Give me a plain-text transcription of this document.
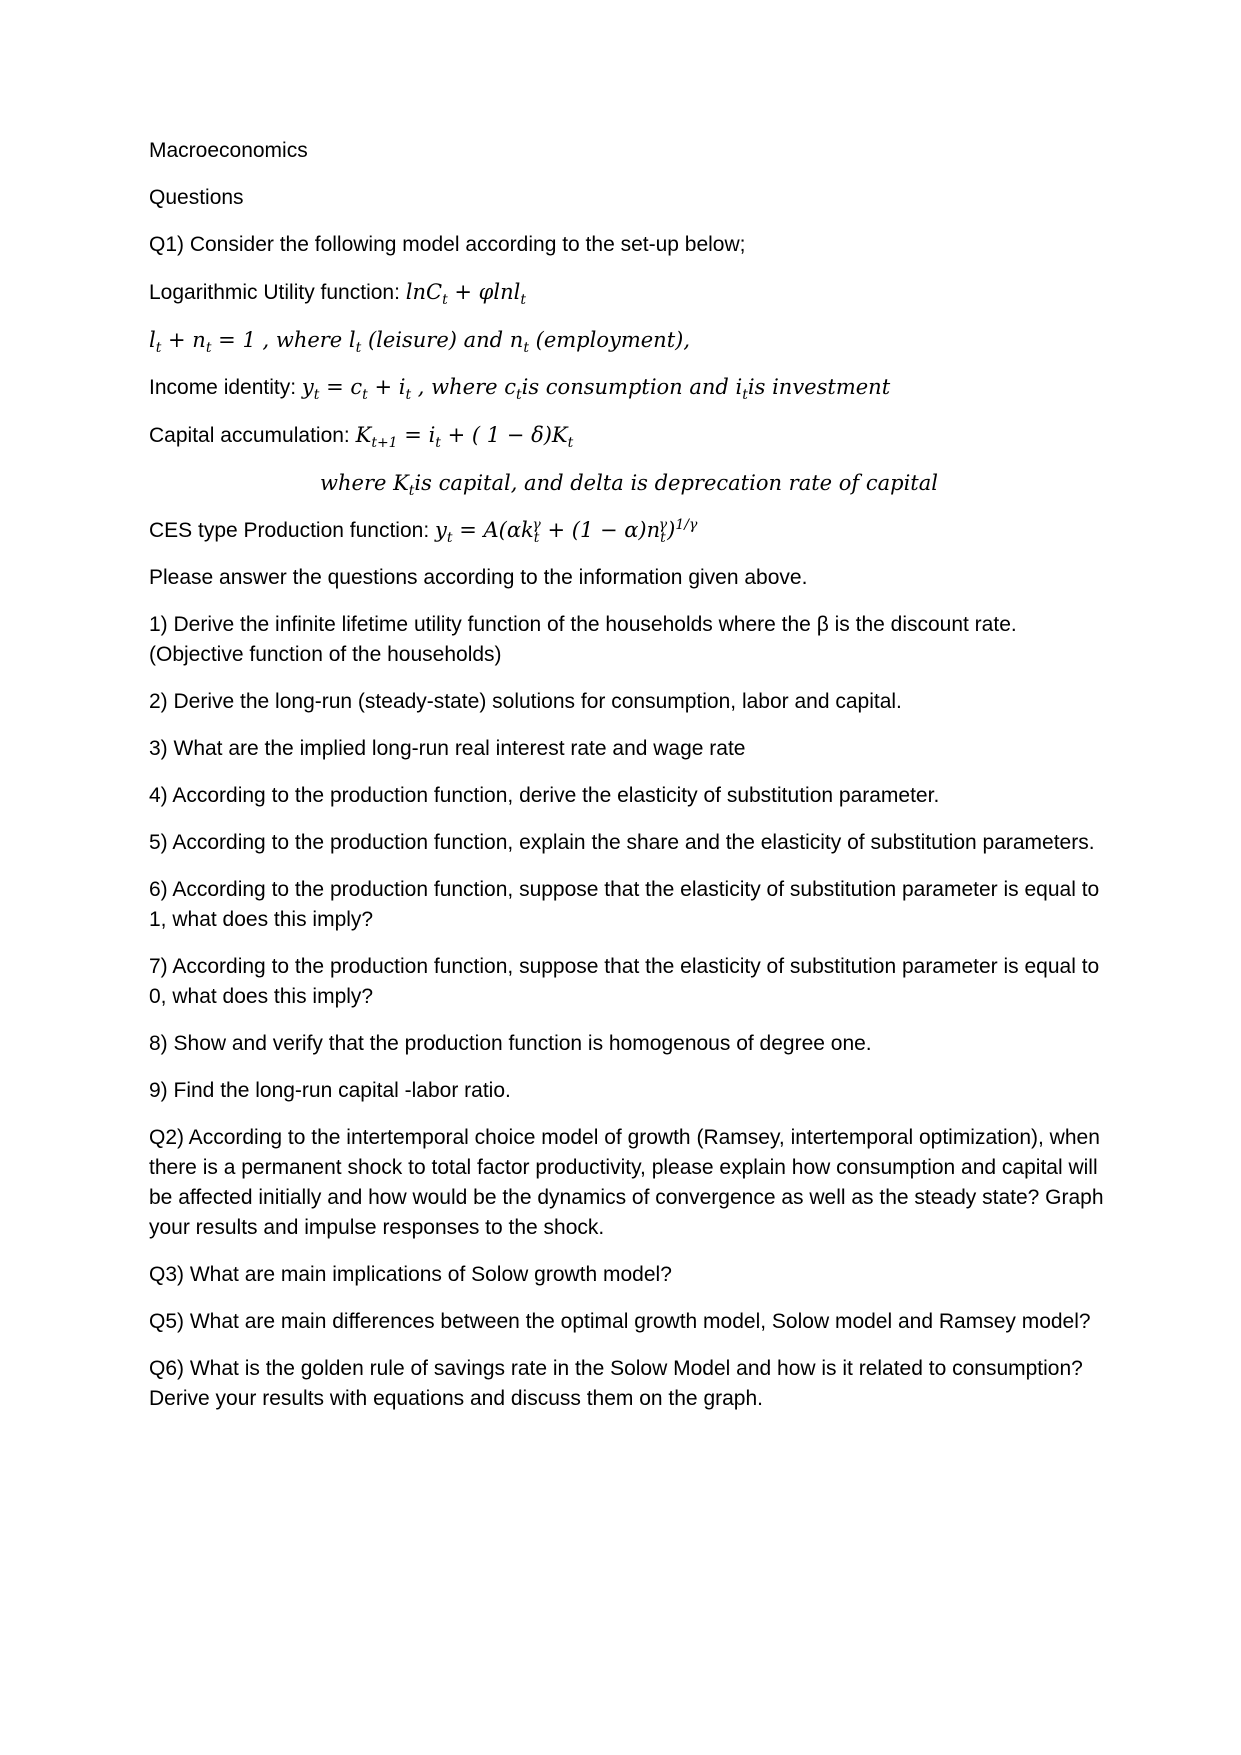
Macroeconomics

Questions

Q1) Consider the following model according to the set-up below;

Logarithmic Utility function: lnC$_t$ + φlnl$_t$

$l_t + n_t = 1$ , where $l_t$ (leisure) and $n_t$ (employment),

Income identity: $y_t = c_t + i_t$ , where $c_tis$ consumption and $i_tis$ investment

Capital accumulation: $K_{t+1} = i_t$ + ( $1 - \delta)K_t$

where $K_tis$ capital, and delta is deprecation rate of capital

CES type Production function: $y_t = A(\alpha k_t^\gamma + (1 - \alpha)n_t^\gamma)^{1/\gamma}$

Please answer the questions according to the information given above.

1) Derive the infinite lifetime utility function of the households where the β is the discount rate. (Objective function of the households)

2) Derive the long-run (steady-state) solutions for consumption, labor and capital.

3) What are the implied long-run real interest rate and wage rate

4) According to the production function, derive the elasticity of substitution parameter.

5) According to the production function, explain the share and the elasticity of substitution parameters.

6) According to the production function, suppose that the elasticity of substitution parameter is equal to 1, what does this imply?

7) According to the production function, suppose that the elasticity of substitution parameter is equal to 0, what does this imply?

8) Show and verify that the production function is homogenous of degree one.

9) Find the long-run capital -labor ratio.

Q2) According to the intertemporal choice model of growth (Ramsey, intertemporal optimization), when there is a permanent shock to total factor productivity, please explain how consumption and capital will be affected initially and how would be the dynamics of convergence as well as the steady state? Graph your results and impulse responses to the shock.

Q3) What are main implications of Solow growth model?

Q5) What are main differences between the optimal growth model, Solow model and Ramsey model?

Q6) What is the golden rule of savings rate in the Solow Model and how is it related to consumption? Derive your results with equations and discuss them on the graph.
